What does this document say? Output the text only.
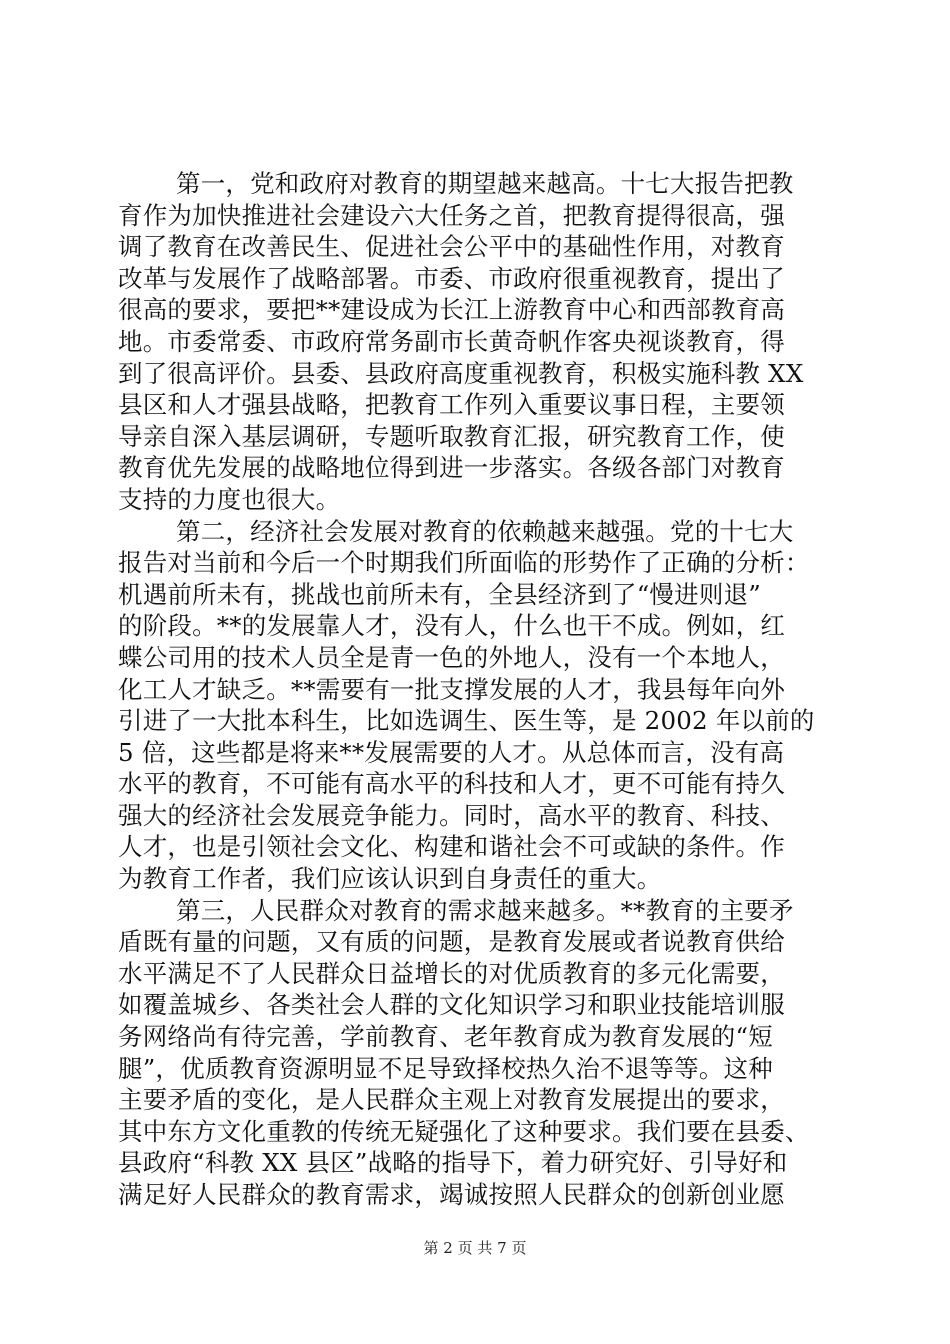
第一，党和政府对教育的期望越来越高。十七大报告把教
育作为加快推进社会建设六大任务之首，把教育提得很高，强
调了教育在改善民生、促进社会公平中的基础性作用，对教育
改革与发展作了战略部署。市委、市政府很重视教育，提出了
很高的要求，要把**建设成为长江上游教育中心和西部教育高
地。市委常委、市政府常务副市长黄奇帆作客央视谈教育，得
到了很高评价。县委、县政府高度重视教育，积极实施科教 XX
县区和人才强县战略，把教育工作列入重要议事日程，主要领
导亲自深入基层调研，专题听取教育汇报，研究教育工作，使
教育优先发展的战略地位得到进一步落实。各级各部门对教育
支持的力度也很大。
第二，经济社会发展对教育的依赖越来越强。党的十七大
报告对当前和今后一个时期我们所面临的形势作了正确的分析：
机遇前所未有，挑战也前所未有，全县经济到了“慢进则退”
的阶段。**的发展靠人才，没有人，什么也干不成。例如，红
蝶公司用的技术人员全是青一色的外地人，没有一个本地人，
化工人才缺乏。**需要有一批支撑发展的人才，我县每年向外
引进了一大批本科生，比如选调生、医生等，是 2002 年以前的
5 倍，这些都是将来**发展需要的人才。从总体而言，没有高
水平的教育，不可能有高水平的科技和人才，更不可能有持久
强大的经济社会发展竞争能力。同时，高水平的教育、科技、
人才，也是引领社会文化、构建和谐社会不可或缺的条件。作
为教育工作者，我们应该认识到自身责任的重大。
第三，人民群众对教育的需求越来越多。**教育的主要矛
盾既有量的问题，又有质的问题，是教育发展或者说教育供给
水平满足不了人民群众日益增长的对优质教育的多元化需要，
如覆盖城乡、各类社会人群的文化知识学习和职业技能培训服
务网络尚有待完善，学前教育、老年教育成为教育发展的“短
腿”，优质教育资源明显不足导致择校热久治不退等等。这种
主要矛盾的变化，是人民群众主观上对教育发展提出的要求，
其中东方文化重教的传统无疑强化了这种要求。我们要在县委、
县政府“科教 XX 县区”战略的指导下，着力研究好、引导好和
满足好人民群众的教育需求，竭诚按照人民群众的创新创业愿
第 2 页 共 7 页
